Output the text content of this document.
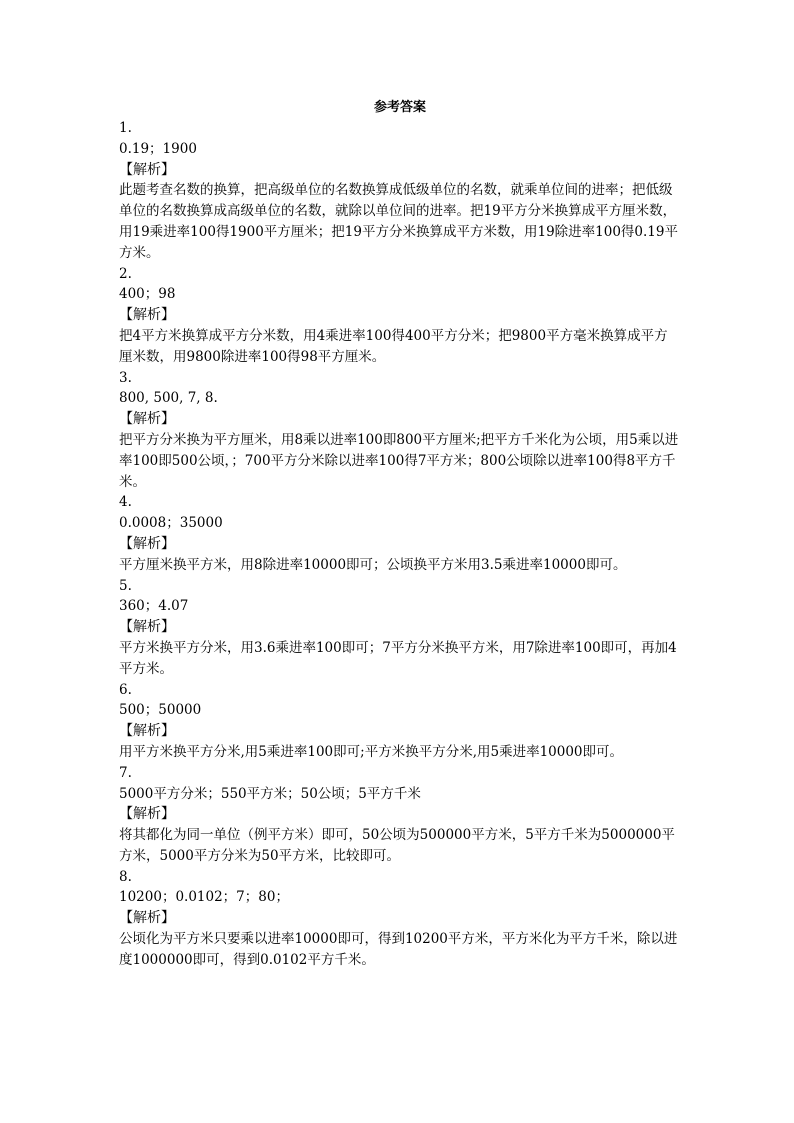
参考答案
1.
0.19；1900
【解析】
此题考查名数的换算，把高级单位的名数换算成低级单位的名数，就乘单位间的进率；把低级单位的名数换算成高级单位的名数，就除以单位间的进率。把19平方分米换算成平方厘米数，用19乘进率100得1900平方厘米；把19平方分米换算成平方米数，用19除进率100得0.19平方米。
2.
400；98
【解析】
把4平方米换算成平方分米数，用4乘进率100得400平方分米；把9800平方毫米换算成平方厘米数，用9800除进率100得98平方厘米。
3.
800, 500, 7, 8.
【解析】
把平方分米换为平方厘米，用8乘以进率100即800平方厘米;把平方千米化为公顷，用5乘以进率100即500公顷，；700平方分米除以进率100得7平方米；800公顷除以进率100得8平方千米。
4.
0.0008；35000
【解析】
平方厘米换平方米，用8除进率10000即可；公顷换平方米用3.5乘进率10000即可。
5.
360；4.07
【解析】
平方米换平方分米，用3.6乘进率100即可；7平方分米换平方米，用7除进率100即可，再加4平方米。
6.
500；50000
【解析】
用平方米换平方分米,用5乘进率100即可;平方米换平方分米,用5乘进率10000即可。
7.
5000平方分米；550平方米；50公顷；5平方千米
【解析】
将其都化为同一单位（例平方米）即可，50公顷为500000平方米，5平方千米为5000000平方米，5000平方分米为50平方米，比较即可。
8.
10200；0.0102；7；80；
【解析】
公顷化为平方米只要乘以进率10000即可，得到10200平方米，平方米化为平方千米，除以进度1000000即可，得到0.0102平方千米。
